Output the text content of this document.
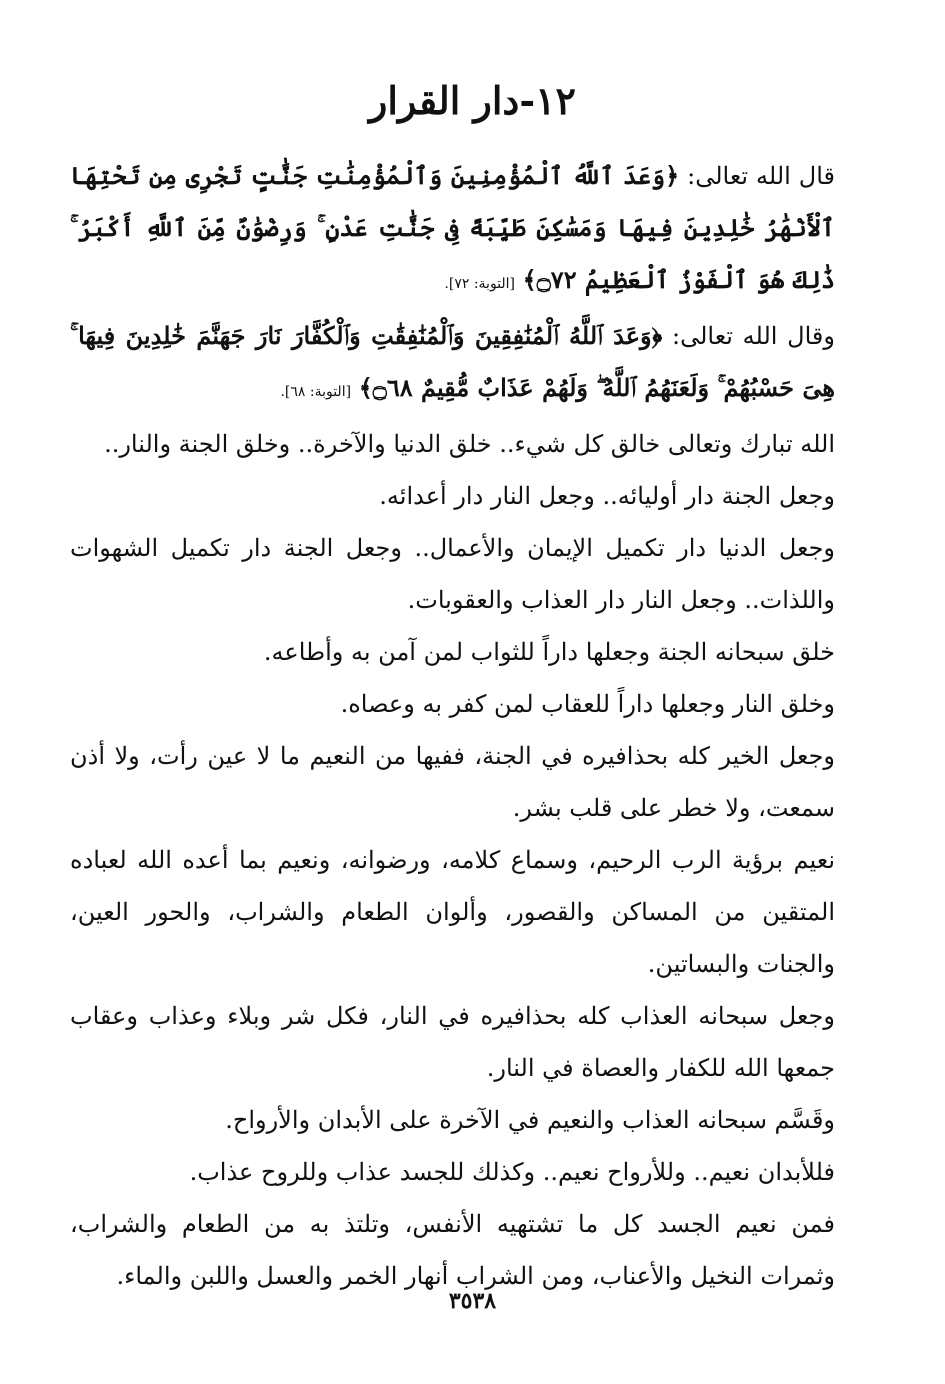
١٢-دار القرار

قال الله تعالى: ﴿وَعَدَ ٱللَّهُ ٱلْمُؤْمِنِينَ وَٱلْمُؤْمِنَٰتِ جَنَّٰتٍ تَجْرِى مِن تَحْتِهَا ٱلْأَنْهَٰرُ خَٰلِدِينَ فِيهَا وَمَسَٰكِنَ طَيِّبَةً فِى جَنَّٰتِ عَدْنٍ ۚ وَرِضْوَٰنٌ مِّنَ ٱللَّهِ أَكْبَرُ ۚ ذَٰلِكَ هُوَ ٱلْفَوْزُ ٱلْعَظِيمُ ۝٧٢﴾ [التوبة: ٧٢].

وقال الله تعالى: ﴿وَعَدَ ٱللَّهُ ٱلْمُنَٰفِقِينَ وَٱلْمُنَٰفِقَٰتِ وَٱلْكُفَّارَ نَارَ جَهَنَّمَ خَٰلِدِينَ فِيهَا ۚ هِىَ حَسْبُهُمْ ۚ وَلَعَنَهُمُ ٱللَّهُ ۖ وَلَهُمْ عَذَابٌ مُّقِيمٌ ۝٦٨﴾ [التوبة: ٦٨].

الله تبارك وتعالى خالق كل شيء.. خلق الدنيا والآخرة.. وخلق الجنة والنار..

وجعل الجنة دار أوليائه.. وجعل النار دار أعدائه.

وجعل الدنيا دار تكميل الإيمان والأعمال.. وجعل الجنة دار تكميل الشهوات واللذات.. وجعل النار دار العذاب والعقوبات.

خلق سبحانه الجنة وجعلها داراً للثواب لمن آمن به وأطاعه.

وخلق النار وجعلها داراً للعقاب لمن كفر به وعصاه.

وجعل الخير كله بحذافيره في الجنة، ففيها من النعيم ما لا عين رأت، ولا أذن سمعت، ولا خطر على قلب بشر.

نعيم برؤية الرب الرحيم، وسماع كلامه، ورضوانه، ونعيم بما أعده الله لعباده المتقين من المساكن والقصور، وألوان الطعام والشراب، والحور العين، والجنات والبساتين.

وجعل سبحانه العذاب كله بحذافيره في النار، فكل شر وبلاء وعذاب وعقاب جمعها الله للكفار والعصاة في النار.

وقَسَّم سبحانه العذاب والنعيم في الآخرة على الأبدان والأرواح.

فللأبدان نعيم.. وللأرواح نعيم.. وكذلك للجسد عذاب وللروح عذاب.

فمن نعيم الجسد كل ما تشتهيه الأنفس، وتلتذ به من الطعام والشراب، وثمرات النخيل والأعناب، ومن الشراب أنهار الخمر والعسل واللبن والماء.

٣٥٣٨
